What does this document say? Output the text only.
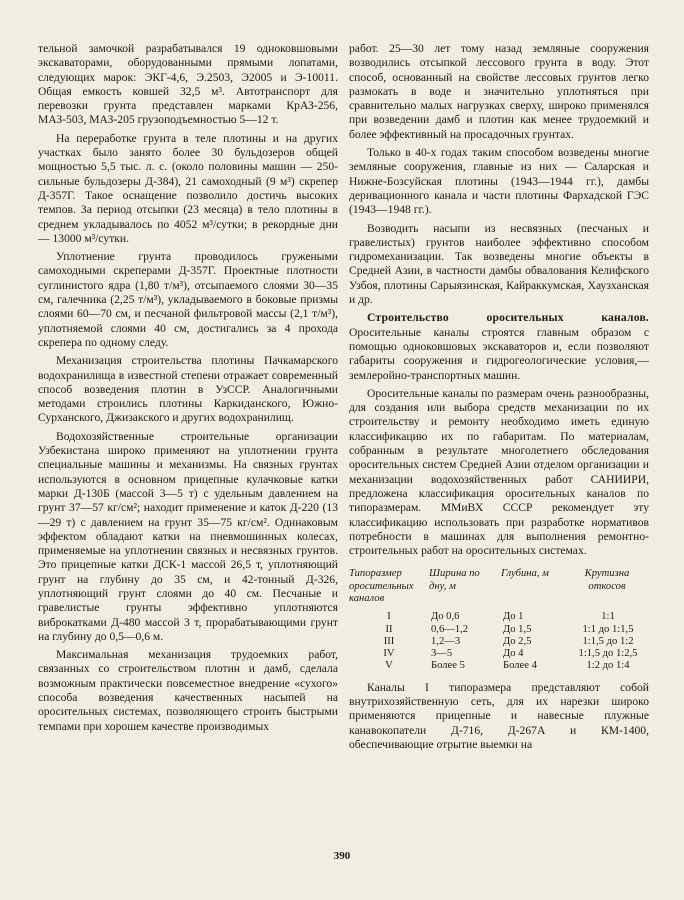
тельной замочкой разрабатывался 19 одноковшовыми экскаваторами, оборудованными прямыми лопатами, следующих марок: ЭКГ-4,6, Э.2503, Э2005 и Э-10011. Общая емкость ковшей 32,5 м³. Автотранспорт для перевозки грунта представлен марками КрАЗ-256, МАЗ-503, МАЗ-205 грузоподъемностью 5—12 т.

На переработке грунта в теле плотины и на других участках было занято более 30 бульдозеров общей мощностью 5,5 тыс. л. с. (около половины машин — 250-сильные бульдозеры Д-384), 21 самоходный (9 м³) скрепер Д-357Г. Такое оснащение позволило достичь высоких темпов. За период отсыпки (23 месяца) в тело плотины в среднем укладывалось по 4052 м³/сутки; в рекордные дни — 13000 м³/сутки.

Уплотнение грунта проводилось гружеными самоходными скреперами Д-357Г. Проектные плотности суглинистого ядра (1,80 т/м³), отсыпаемого слоями 30—35 см, галечника (2,25 т/м³), укладываемого в боковые призмы слоями 60—70 см, и песчаной фильтровой массы (2,1 т/м³), уплотняемой слоями 40 см, достигались за 4 прохода скрепера по одному следу.

Механизация строительства плотины Пачкамарского водохранилища в известной степени отражает современный способ возведения плотин в УзССР. Аналогичными методами строились плотины Каркиданского, Южно-Сурханского, Джизакского и других водохранилищ.

Водохозяйственные строительные организации Узбекистана широко применяют на уплотнении грунта специальные машины и механизмы. На связных грунтах используются в основном прицепные кулачковые катки марки Д-130Б (массой 3—5 т) с удельным давлением на грунт 37—57 кг/см²; находит применение и каток Д-220 (13—29 т) с давлением на грунт 35—75 кг/см². Одинаковым эффектом обладают катки на пневмошинных колесах, применяемые на уплотнении связных и несвязных грунтов. Это прицепные катки ДСК-1 массой 26,5 т, уплотняющий грунт на глубину до 35 см, и 42-тонный Д-326, уплотняющий грунт слоями до 40 см. Песчаные и гравелистые грунты эффективно уплотняются виброкатками Д-480 массой 3 т, прорабатывающими грунт на глубину до 0,5—0,6 м.

Максимальная механизация трудоемких работ, связанных со строительством плотин и дамб, сделала возможным практически повсеместное внедрение «сухого» способа возведения качественных насыпей на оросительных системах, позволяющего строить быстрыми темпами при хорошем качестве производимых

работ. 25—30 лет тому назад земляные сооружения возводились отсыпкой лессового грунта в воду. Этот способ, основанный на свойстве лессовых грунтов легко размокать в воде и значительно уплотняться при сравнительно малых нагрузках сверху, широко применялся при возведении дамб и плотин как менее трудоемкий и более эффективный на просадочных грунтах.

Только в 40-х годах таким способом возведены многие земляные сооружения, главные из них — Саларская и Нижне-Бозсуйская плотины (1943—1944 гг.), дамбы деривационного канала и части плотины Фархадской ГЭС (1943—1948 гг.).

Возводить насыпи из несвязных (песчаных и гравелистых) грунтов наиболее эффективно способом гидромеханизации. Так возведены многие объекты в Средней Азии, в частности дамбы обвалования Келифского Узбоя, плотины Сарыязинская, Кайраккумская, Хаузханская и др.

Строительство оросительных каналов. Оросительные каналы строятся главным образом с помощью одноковшовых экскаваторов и, если позволяют габариты сооружения и гидрогеологические условия,— землеройно-транспортных машин.

Оросительные каналы по размерам очень разнообразны, для создания или выбора средств механизации по их строительству и ремонту необходимо иметь единую классификацию их по габаритам. По материалам, собранным в результате многолетнего обследования оросительных систем Средней Азии отделом организации и механизации водохозяйственных работ САНИИРИ, предложена классификация оросительных каналов по типоразмерам. ММиВХ СССР рекомендует эту классификацию использовать при разработке нормативов потребности в машинах для выполнения ремонтно-строительных работ на оросительных системах.

Типоразмер оросительных каналов	Ширина по дну, м	Глубина, м	Крутизна откосов
I	До 0,6	До 1	1:1
II	0,6—1,2	До 1,5	1:1 до 1:1,5
III	1,2—3	До 2,5	1:1,5 до 1:2
IV	3—5	До 4	1:1,5 до 1:2,5
V	Более 5	Более 4	1:2 до 1:4

Каналы I типоразмера представляют собой внутрихозяйственную сеть, для их нарезки широко применяются прицепные и навесные плужные канавокопатели Д-716, Д-267А и КМ-1400, обеспечивающие отрытие выемки на

390
